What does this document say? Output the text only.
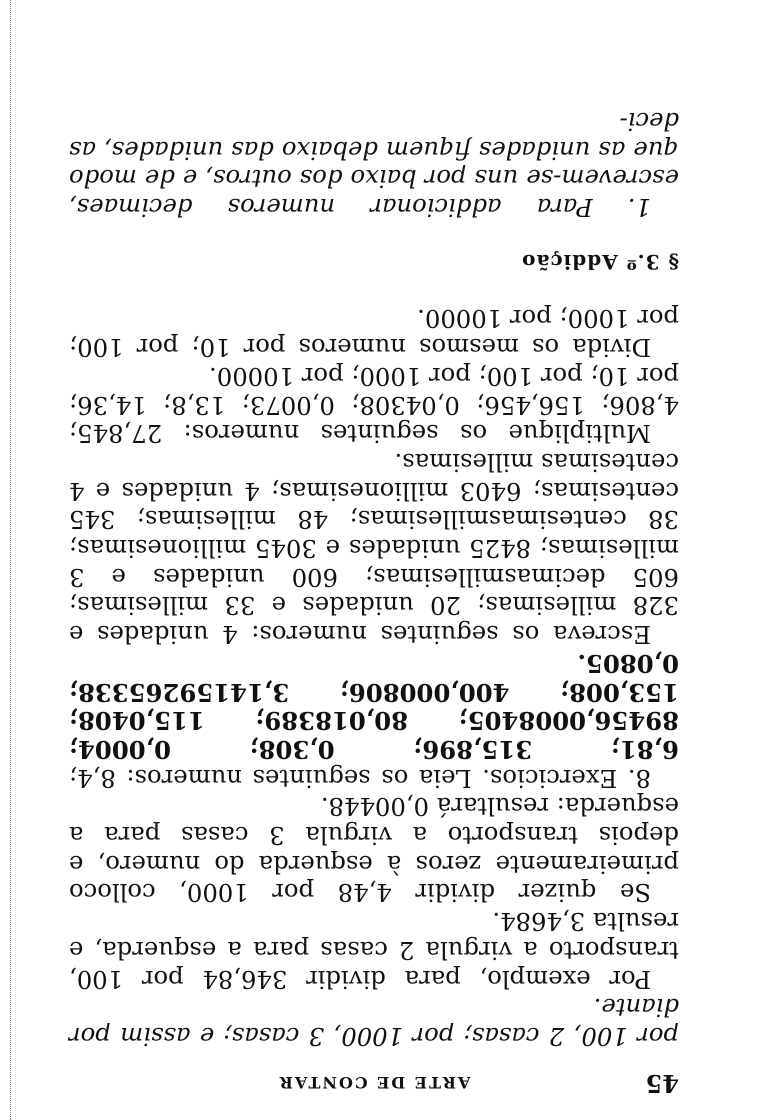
45
ARTE DE CONTAR

por 100, 2 casas; por 1000, 3 casas; e assim por diante.

Por exemplo, para dividir 346,84 por 100, transporto a virgula 2 casas para a esquerda, e resulta 3,4684.

Se quizer dividir 4,48 por 1000, colloco primeiramente zeros à esquerda do numero, e depois transporto a virgula 3 casas para a esquerda: resultará 0,00448.

8. Exercicios. Leia os seguintes numeros: 8,4; 6,81; 315,896; 0,308; 0,0004; 89456,0008405; 80,018389; 115,0408; 153,008; 400,000806; 3,14159265338; 0,0805.

Escreva os seguintes numeros: 4 unidades e 328 millesimas; 20 unidades e 33 millesimas; 605 decimasmillesimas; 600 unidades e 3 millesimas; 8425 unidades e 3045 millionesimas; 38 centesimasmillesimas; 48 millesimas; 345 centesimas; 6403 millionesimas; 4 unidades e 4 centesimas millesimas.

Multiplique os seguintes numeros: 27,845; 4,806; 156,456; 0,04308; 0,0073; 13,8; 14,36; por 10; por 100; por 1000; por 10000.

Divida os mesmos numeros por 10; por 100; por 1000; por 10000.

§ 3.º Addição

1. Para addicionar numeros decimaes, escrevem-se uns por baixo dos outros, e de modo que as unidades fiquem debaixo das unidades, as deci-
